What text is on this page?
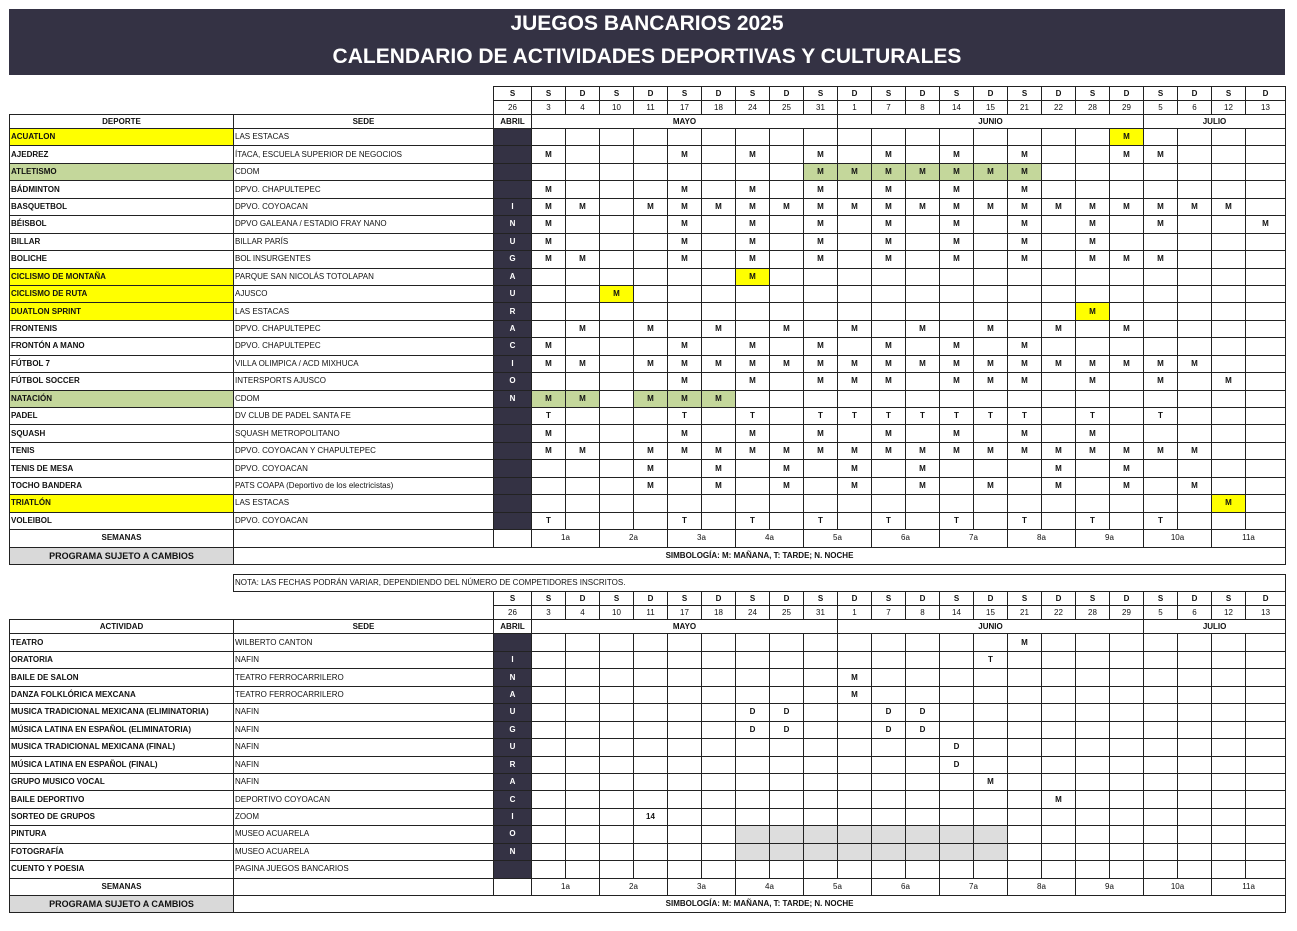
JUEGOS BANCARIOS 2025
CALENDARIO DE ACTIVIDADES DEPORTIVAS Y CULTURALES
		S	S	D	S	D	S	D	S	D	S	D	S	D	S	D	S	D	S	D	S	D	S	D
		26	3	4	10	11	17	18	24	25	31	1	7	8	14	15	21	22	28	29	5	6	12	13
DEPORTE	SEDE	ABRIL	MAYO									JUNIO									JULIO			
ACUATLON	LAS ESTACAS																			M				
AJEDREZ	ÍTACA, ESCUELA SUPERIOR DE NEGOCIOS		M				M		M		M		M		M		M			M	M			
ATLETISMO	CDOM										M	M	M	M	M	M	M							
BÁDMINTON	DPVO. CHAPULTEPEC		M				M		M		M		M		M		M							
BASQUETBOL	DPVO. COYOACAN	I	M	M		M	M	M	M	M	M	M	M	M	M	M	M	M	M	M	M	M	M	
BÉISBOL	DPVO GALEANA / ESTADIO FRAY NANO	N	M				M		M		M		M		M		M		M		M			M
BILLAR	BILLAR PARÍS	U	M				M		M		M		M		M		M		M					
BOLICHE	BOL INSURGENTES	G	M	M			M		M		M		M		M		M		M	M	M			
CICLISMO DE MONTAÑA	PARQUE SAN NICOLÁS TOTOLAPAN	A							M															
CICLISMO DE RUTA	AJUSCO	U			M																			
DUATLON SPRINT	LAS ESTACAS	R																	M					
FRONTENIS	DPVO. CHAPULTEPEC	A		M		M		M		M		M		M		M		M		M				
FRONTÓN A MANO	DPVO. CHAPULTEPEC	C	M				M		M		M		M		M		M							
FÚTBOL 7	VILLA OLIMPICA / ACD MIXHUCA	I	M	M		M	M	M	M	M	M	M	M	M	M	M	M	M	M	M	M	M		
FÚTBOL SOCCER	INTERSPORTS AJUSCO	O					M		M		M	M	M		M	M	M		M		M		M	
NATACIÓN	CDOM	N	M	M		M	M	M																
PADEL	DV CLUB DE PADEL SANTA FE		T				T		T		T	T	T	T	T	T	T		T		T			
SQUASH	SQUASH METROPOLITANO		M				M		M		M		M		M		M		M					
TENIS	DPVO. COYOACAN Y CHAPULTEPEC		M	M		M	M	M	M	M	M	M	M	M	M	M	M	M	M	M	M	M		
TENIS DE MESA	DPVO. COYOACAN					M		M		M		M		M				M		M				
TOCHO BANDERA	PATS COAPA (Deportivo de los electricistas)					M		M		M		M		M		M		M		M		M		
TRIATLÓN	LAS ESTACAS																						M	
VOLEIBOL	DPVO. COYOACAN		T				T		T		T		T		T		T		T		T			
SEMANAS			1a		2a		3a		4a		5a		6a		7a		8a		9a		10a		11a	
PROGRAMA SUJETO A CAMBIOS	SIMBOLOGÍA: M: MAÑANA, T: TARDE; N. NOCHE																							
	NOTA: LAS FECHAS PODRÁN VARIAR, DEPENDIENDO DEL NÚMERO DE COMPETIDORES INSCRITOS.																							
		S	S	D	S	D	S	D	S	D	S	D	S	D	S	D	S	D	S	D	S	D	S	D
		26	3	4	10	11	17	18	24	25	31	1	7	8	14	15	21	22	28	29	5	6	12	13
ACTIVIDAD	SEDE	ABRIL	MAYO									JUNIO									JULIO			
TEATRO	WILBERTO CANTON																M							
ORATORIA	NAFIN	I														T								
BAILE DE SALON	TEATRO FERROCARRILERO	N										M												
DANZA FOLKLÓRICA MEXCANA	TEATRO FERROCARRILERO	A										M												
MUSICA TRADICIONAL MEXICANA (ELIMINATORIA)	NAFIN	U							D	D			D	D										
MÚSICA LATINA EN ESPAÑOL (ELIMINATORIA)	NAFIN	G							D	D			D	D										
MUSICA TRADICIONAL MEXICANA (FINAL)	NAFIN	U													D									
MÚSICA LATINA EN ESPAÑOL (FINAL)	NAFIN	R													D									
GRUPO MUSICO VOCAL	NAFIN	A														M								
BAILE DEPORTIVO	DEPORTIVO COYOACAN	C																M						
SORTEO DE GRUPOS	ZOOM	I				14																		
PINTURA	MUSEO ACUARELA	O																						
FOTOGRAFÍA	MUSEO ACUARELA	N																						
CUENTO Y POESIA	PAGINA JUEGOS BANCARIOS																							
SEMANAS			1a		2a		3a		4a		5a		6a		7a		8a		9a		10a		11a	
PROGRAMA SUJETO A CAMBIOS	SIMBOLOGÍA: M: MAÑANA, T: TARDE; N. NOCHE																							
